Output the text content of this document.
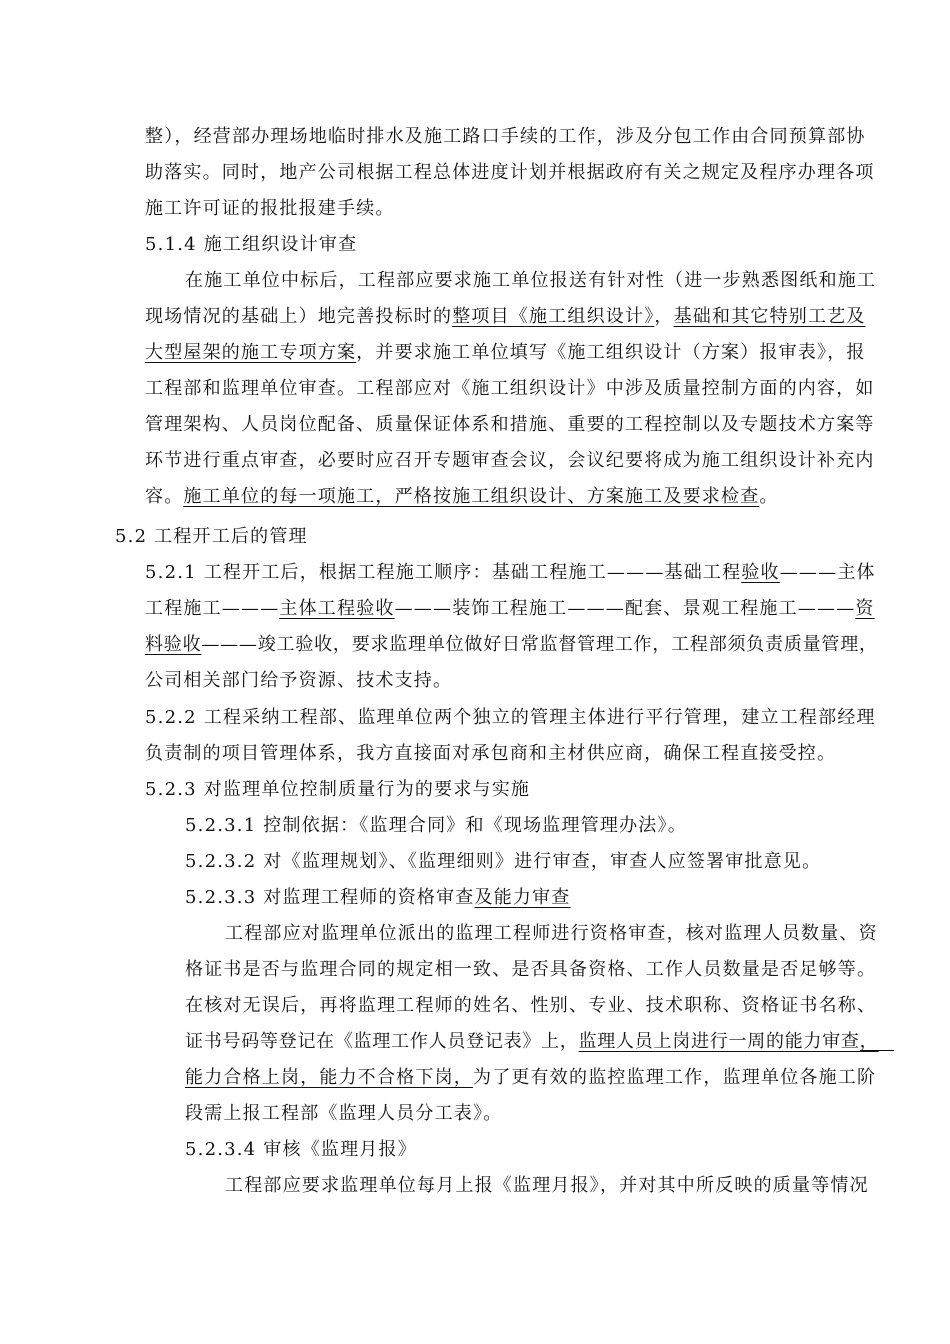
整），经营部办理场地临时排水及施工路口手续的工作，涉及分包工作由合同预算部协
助落实。同时，地产公司根据工程总体进度计划并根据政府有关之规定及程序办理各项
施工许可证的报批报建手续。
5.1.4 施工组织设计审查
在施工单位中标后，工程部应要求施工单位报送有针对性（进一步熟悉图纸和施工
现场情况的基础上）地完善投标时的整项目《施工组织设计》，基础和其它特别工艺及
大型屋架的施工专项方案，并要求施工单位填写《施工组织设计（方案）报审表》，报
工程部和监理单位审查。工程部应对《施工组织设计》中涉及质量控制方面的内容，如
管理架构、人员岗位配备、质量保证体系和措施、重要的工程控制以及专题技术方案等
环节进行重点审查，必要时应召开专题审查会议，会议纪要将成为施工组织设计补充内
容。施工单位的每一项施工，严格按施工组织设计、方案施工及要求检查。
5.2 工程开工后的管理
5.2.1 工程开工后，根据工程施工顺序：基础工程施工———基础工程验收———主体
工程施工———主体工程验收———装饰工程施工———配套、景观工程施工———资
料验收———竣工验收，要求监理单位做好日常监督管理工作，工程部须负责质量管理，
公司相关部门给予资源、技术支持。
5.2.2 工程采纳工程部、监理单位两个独立的管理主体进行平行管理，建立工程部经理
负责制的项目管理体系，我方直接面对承包商和主材供应商，确保工程直接受控。
5.2.3 对监理单位控制质量行为的要求与实施
5.2.3.1 控制依据：《监理合同》和《现场监理管理办法》。
5.2.3.2 对《监理规划》、《监理细则》进行审查，审查人应签署审批意见。
5.2.3.3 对监理工程师的资格审查及能力审查
工程部应对监理单位派出的监理工程师进行资格审查，核对监理人员数量、资
格证书是否与监理合同的规定相一致、是否具备资格、工作人员数量是否足够等。
在核对无误后，再将监理工程师的姓名、性别、专业、技术职称、资格证书名称、
证书号码等登记在《监理工作人员登记表》上，监理人员上岗进行一周的能力审查，
能力合格上岗，能力不合格下岗，为了更有效的监控监理工作，监理单位各施工阶
段需上报工程部《监理人员分工表》。
5.2.3.4 审核《监理月报》
工程部应要求监理单位每月上报《监理月报》，并对其中所反映的质量等情况
